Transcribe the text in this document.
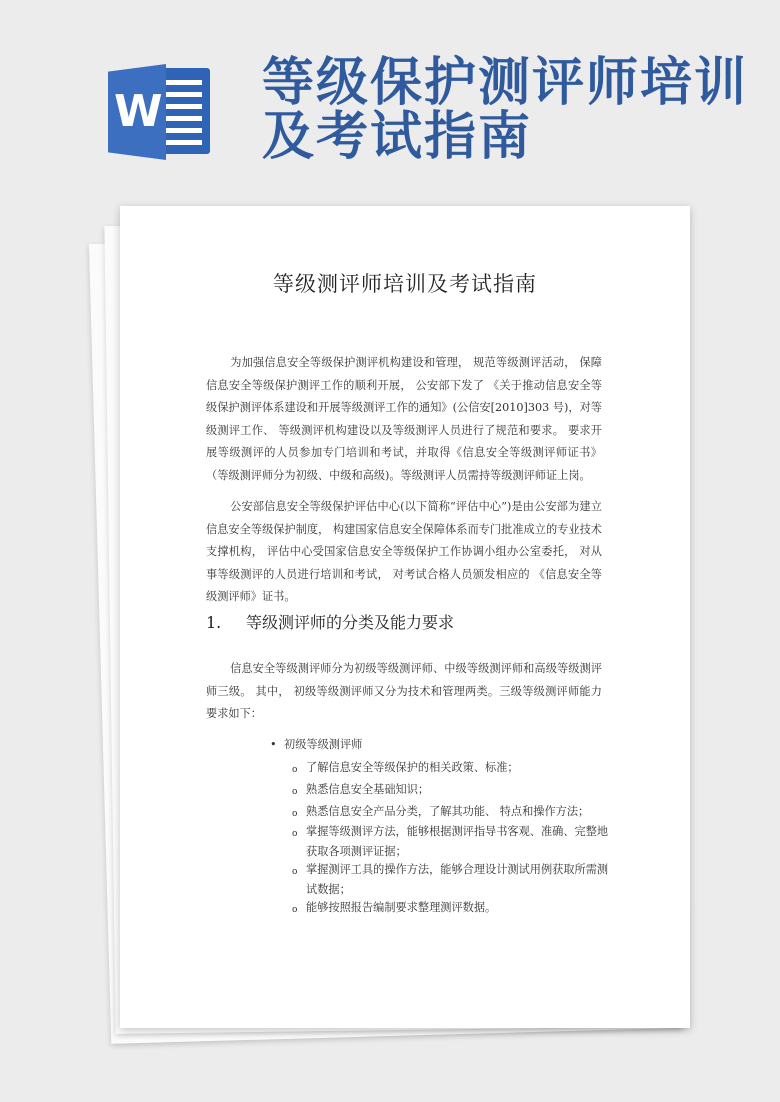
W 等级保护测评师培训及考试指南
等级测评师培训及考试指南
为加强信息安全等级保护测评机构建设和管理， 规范等级测评活动， 保障信息安全等级保护测评工作的顺利开展， 公安部下发了 《关于推动信息安全等级保护测评体系建设和开展等级测评工作的通知》(公信安[2010]303 号)，对等级测评工作、 等级测评机构建设以及等级测评人员进行了规范和要求。 要求开展等级测评的人员参加专门培训和考试，并取得《信息安全等级测评师证书》（等级测评师分为初级、中级和高级)。等级测评人员需持等级测评师证上岗。
公安部信息安全等级保护评估中心(以下简称“评估中心”)是由公安部为建立信息安全等级保护制度， 构建国家信息安全保障体系而专门批准成立的专业技术支撑机构， 评估中心受国家信息安全等级保护工作协调小组办公室委托， 对从事等级测评的人员进行培训和考试， 对考试合格人员颁发相应的 《信息安全等级测评师》证书。
1. 等级测评师的分类及能力要求
信息安全等级测评师分为初级等级测评师、中级等级测评师和高级等级测评师三级。 其中， 初级等级测评师又分为技术和管理两类。三级等级测评师能力要求如下：
• 初级等级测评师
o 了解信息安全等级保护的相关政策、标准；
o 熟悉信息安全基础知识；
o 熟悉信息安全产品分类，了解其功能、 特点和操作方法；
o 掌握等级测评方法，能够根据测评指导书客观、准确、完整地获取各项测评证据；
o 掌握测评工具的操作方法，能够合理设计测试用例获取所需测试数据；
o 能够按照报告编制要求整理测评数据。
